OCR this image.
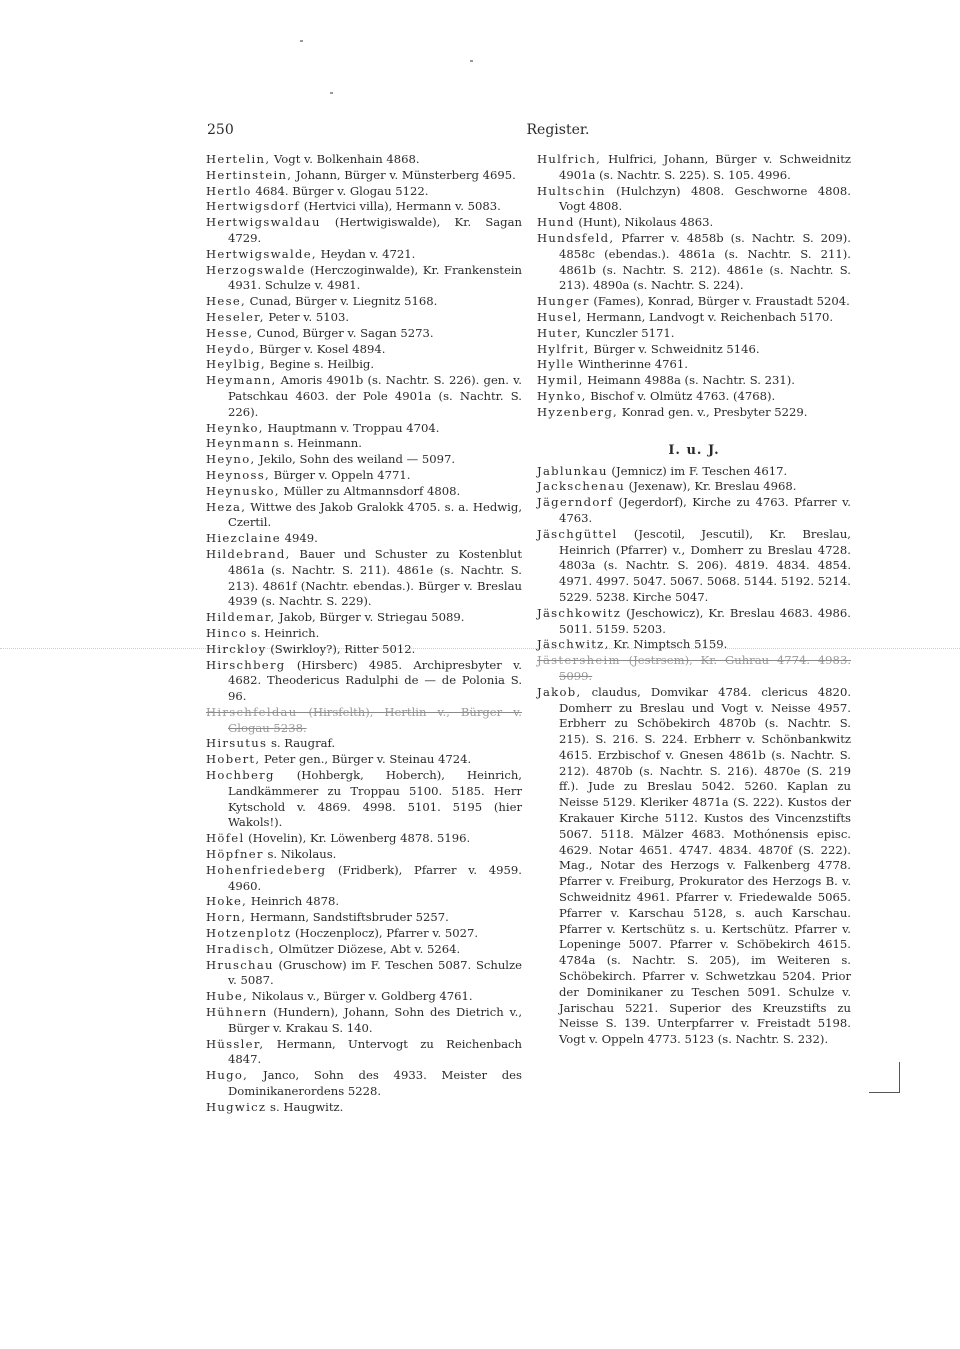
250	Register.

Hertelin, Vogt v. Bolkenhain 4868.

Hertinstein, Johann, Bürger v. Münsterberg 4695.

Hertlo 4684. Bürger v. Glogau 5122.

Hertwigsdorf (Hertvici villa), Hermann v. 5083.

Hertwigswaldau (Hertwigiswalde), Kr. Sagan 4729.

Hertwigswalde, Heydan v. 4721.

Herzogswalde (Herczoginwalde), Kr. Frankenstein 4931. Schulze v. 4981.

Hese, Cunad, Bürger v. Liegnitz 5168.

Heseler, Peter v. 5103.

Hesse, Cunod, Bürger v. Sagan 5273.

Heydo, Bürger v. Kosel 4894.

Heylbig, Begine s. Heilbig.

Heymann, Amoris 4901b (s. Nachtr. S. 226). gen. v. Patschkau 4603. der Pole 4901a (s. Nachtr. S. 226).

Heynko, Hauptmann v. Troppau 4704.

Heynmann s. Heinmann.

Heyno, Jekilo, Sohn des weiland — 5097.

Heynoss, Bürger v. Oppeln 4771.

Heynusko, Müller zu Altmannsdorf 4808.

Heza, Wittwe des Jakob Gralokk 4705. s. a. Hedwig, Czertil.

Hiezclaine 4949.

Hildebrand, Bauer und Schuster zu Kostenblut 4861a (s. Nachtr. S. 211). 4861e (s. Nachtr. S. 213). 4861f (Nachtr. ebendas.). Bürger v. Breslau 4939 (s. Nachtr. S. 229).

Hildemar, Jakob, Bürger v. Striegau 5089.

Hinco s. Heinrich.

Hirckloy (Swirkloy?), Ritter 5012.

Hirschberg (Hirsberc) 4985. Archipresbyter v. 4682. Theodericus Radulphi de — de Polonia S. 96.

Hirschfeldau (Hirsfelth), Hertlin v., Bürger v. Glogau 5238.

Hirsutus s. Raugraf.

Hobert, Peter gen., Bürger v. Steinau 4724.

Hochberg (Hohbergk, Hoberch), Heinrich, Landkämmerer zu Troppau 5100. 5185. Herr Kytschold v. 4869. 4998. 5101. 5195 (hier Wakols!).

Höfel (Hovelin), Kr. Löwenberg 4878. 5196.

Höpfner s. Nikolaus.

Hohenfriedeberg (Fridberk), Pfarrer v. 4959. 4960.

Hoke, Heinrich 4878.

Horn, Hermann, Sandstiftsbruder 5257.

Hotzenplotz (Hoczenplocz), Pfarrer v. 5027.

Hradisch, Olmützer Diözese, Abt v. 5264.

Hruschau (Gruschow) im F. Teschen 5087. Schulze v. 5087.

Hube, Nikolaus v., Bürger v. Goldberg 4761.

Hühnern (Hundern), Johann, Sohn des Dietrich v., Bürger v. Krakau S. 140.

Hüssler, Hermann, Untervogt zu Reichenbach 4847.

Hugo, Janco, Sohn des 4933. Meister des Dominikanerordens 5228.

Hugwicz s. Haugwitz.

Hulfrich, Hulfrici, Johann, Bürger v. Schweidnitz 4901a (s. Nachtr. S. 225). S. 105. 4996.

Hultschin (Hulchzyn) 4808. Geschworne 4808. Vogt 4808.

Hund (Hunt), Nikolaus 4863.

Hundsfeld, Pfarrer v. 4858b (s. Nachtr. S. 209). 4858c (ebendas.). 4861a (s. Nachtr. S. 211). 4861b (s. Nachtr. S. 212). 4861e (s. Nachtr. S. 213). 4890a (s. Nachtr. S. 224).

Hunger (Fames), Konrad, Bürger v. Fraustadt 5204.

Husel, Hermann, Landvogt v. Reichenbach 5170.

Huter, Kunczler 5171.

Hylfrit, Bürger v. Schweidnitz 5146.

Hylle Wintherinne 4761.

Hymil, Heimann 4988a (s. Nachtr. S. 231).

Hynko, Bischof v. Olmütz 4763. (4768).

Hyzenberg, Konrad gen. v., Presbyter 5229.

I. u. J.

Jablunkau (Jemnicz) im F. Teschen 4617.

Jackschenau (Jexenaw), Kr. Breslau 4968.

Jägerndorf (Jegerdorf), Kirche zu 4763. Pfarrer v. 4763.

Jäschgüttel (Jescotil, Jescutil), Kr. Breslau, Heinrich (Pfarrer) v., Domherr zu Breslau 4728. 4803a (s. Nachtr. S. 206). 4819. 4834. 4854. 4971. 4997. 5047. 5067. 5068. 5144. 5192. 5214. 5229. 5238. Kirche 5047.

Jäschkowitz (Jeschowicz), Kr. Breslau 4683. 4986. 5011. 5159. 5203.

Jäschwitz, Kr. Nimptsch 5159.

Jästersheim (Jestrsem), Kr. Guhrau 4774. 4983. 5099.

Jakob, claudus, Domvikar 4784. clericus 4820. Domherr zu Breslau und Vogt v. Neisse 4957. Erbherr zu Schöbekirch 4870b (s. Nachtr. S. 215). S. 216. S. 224. Erbherr v. Schönbankwitz 4615. Erzbischof v. Gnesen 4861b (s. Nachtr. S. 212). 4870b (s. Nachtr. S. 216). 4870e (S. 219 ff.). Jude zu Breslau 5042. 5260. Kaplan zu Neisse 5129. Kleriker 4871a (S. 222). Kustos der Krakauer Kirche 5112. Kustos des Vincenzstifts 5067. 5118. Mälzer 4683. Mothónensis episc. 4629. Notar 4651. 4747. 4834. 4870f (S. 222). Mag., Notar des Herzogs v. Falkenberg 4778. Pfarrer v. Freiburg, Prokurator des Herzogs B. v. Schweidnitz 4961. Pfarrer v. Friedewalde 5065. Pfarrer v. Karschau 5128, s. auch Karschau. Pfarrer v. Kertschütz s. u. Kertschütz. Pfarrer v. Lopeninge 5007. Pfarrer v. Schöbekirch 4615. 4784a (s. Nachtr. S. 205), im Weiteren s. Schöbekirch. Pfarrer v. Schwetzkau 5204. Prior der Dominikaner zu Teschen 5091. Schulze v. Jarischau 5221. Superior des Kreuzstifts zu Neisse S. 139. Unterpfarrer v. Freistadt 5198. Vogt v. Oppeln 4773. 5123 (s. Nachtr. S. 232).
